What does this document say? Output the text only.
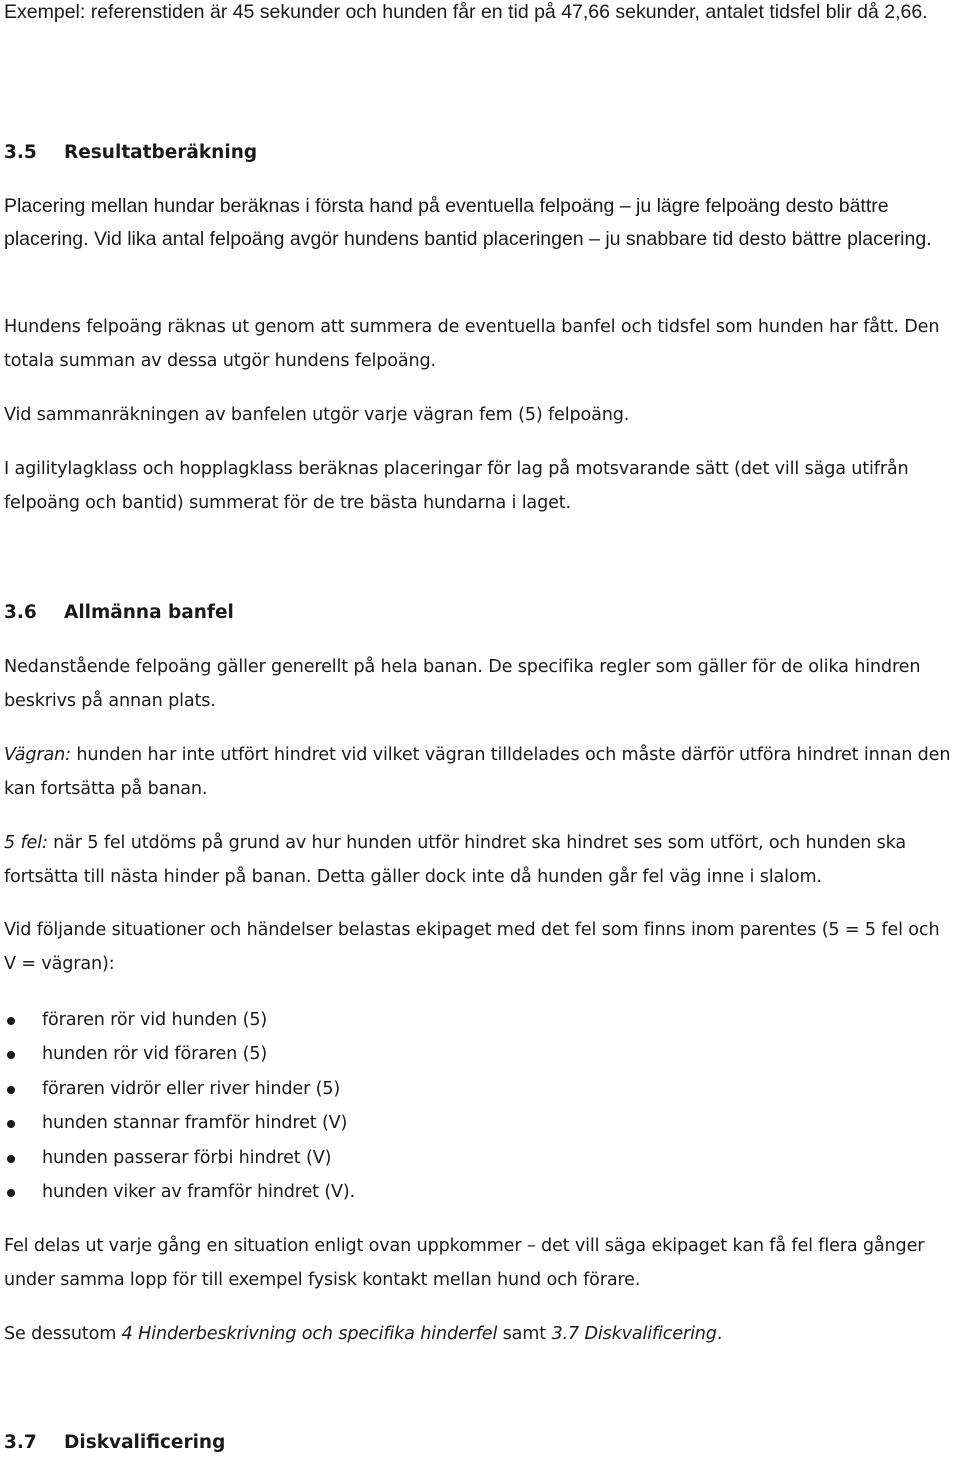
Exempel: referenstiden är 45 sekunder och hunden får en tid på 47,66 sekunder, antalet tidsfel blir då 2,66.

3.5	Resultatberäkning

Placering mellan hundar beräknas i första hand på eventuella felpoäng – ju lägre felpoäng desto bättre placering. Vid lika antal felpoäng avgör hundens bantid placeringen – ju snabbare tid desto bättre placering.

Hundens felpoäng räknas ut genom att summera de eventuella banfel och tidsfel som hunden har fått. Den totala summan av dessa utgör hundens felpoäng.

Vid sammanräkningen av banfelen utgör varje vägran fem (5) felpoäng.

I agilitylagklass och hopplagklass beräknas placeringar för lag på motsvarande sätt (det vill säga utifrån felpoäng och bantid) summerat för de tre bästa hundarna i laget.

3.6	Allmänna banfel

Nedanstående felpoäng gäller generellt på hela banan. De specifika regler som gäller för de olika hindren beskrivs på annan plats.

Vägran: hunden har inte utfört hindret vid vilket vägran tilldelades och måste därför utföra hindret innan den kan fortsätta på banan.

5 fel: när 5 fel utdöms på grund av hur hunden utför hindret ska hindret ses som utfört, och hunden ska fortsätta till nästa hinder på banan. Detta gäller dock inte då hunden går fel väg inne i slalom.

Vid följande situationer och händelser belastas ekipaget med det fel som finns inom parentes (5 = 5 fel och V = vägran):

föraren rör vid hunden (5)
hunden rör vid föraren (5)
föraren vidrör eller river hinder (5)
hunden stannar framför hindret (V)
hunden passerar förbi hindret (V)
hunden viker av framför hindret (V).

Fel delas ut varje gång en situation enligt ovan uppkommer – det vill säga ekipaget kan få fel flera gånger under samma lopp för till exempel fysisk kontakt mellan hund och förare.

Se dessutom 4 Hinderbeskrivning och specifika hinderfel samt 3.7 Diskvalificering.

3.7	Diskvalificering
